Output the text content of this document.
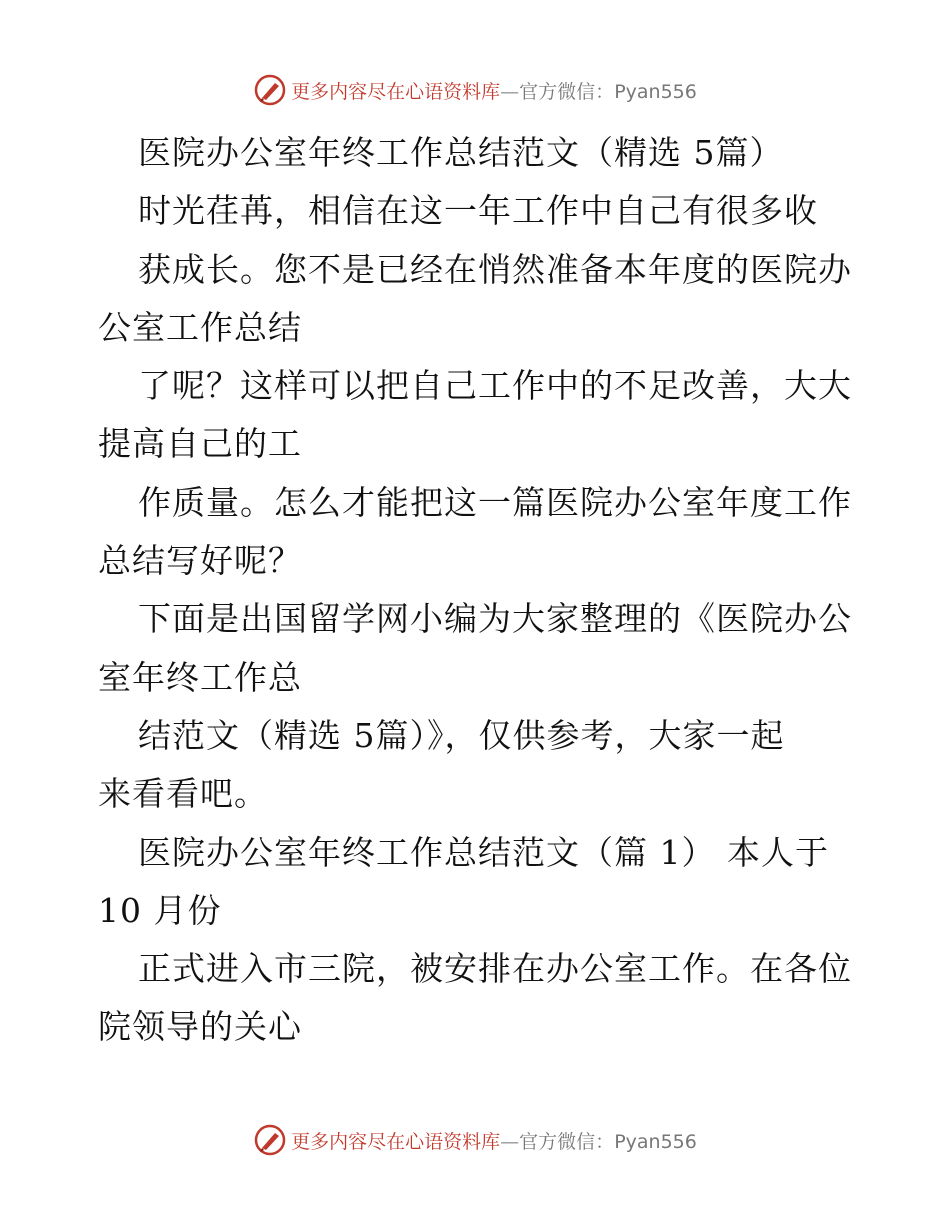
更多内容尽在心语资料库—官方微信：Pyan556
医院办公室年终工作总结范文（精选 5篇）
时光荏苒，相信在这一年工作中自己有很多收
获成长。您不是已经在悄然准备本年度的医院办
公室工作总结
了呢？这样可以把自己工作中的不足改善，大大
提高自己的工
作质量。怎么才能把这一篇医院办公室年度工作
总结写好呢？
下面是出国留学网小编为大家整理的《医院办公
室年终工作总
结范文（精选 5篇）》，仅供参考，大家一起
来看看吧。
医院办公室年终工作总结范文（篇 1） 本人于
10 月份
正式进入市三院，被安排在办公室工作。在各位
院领导的关心
更多内容尽在心语资料库—官方微信：Pyan556
